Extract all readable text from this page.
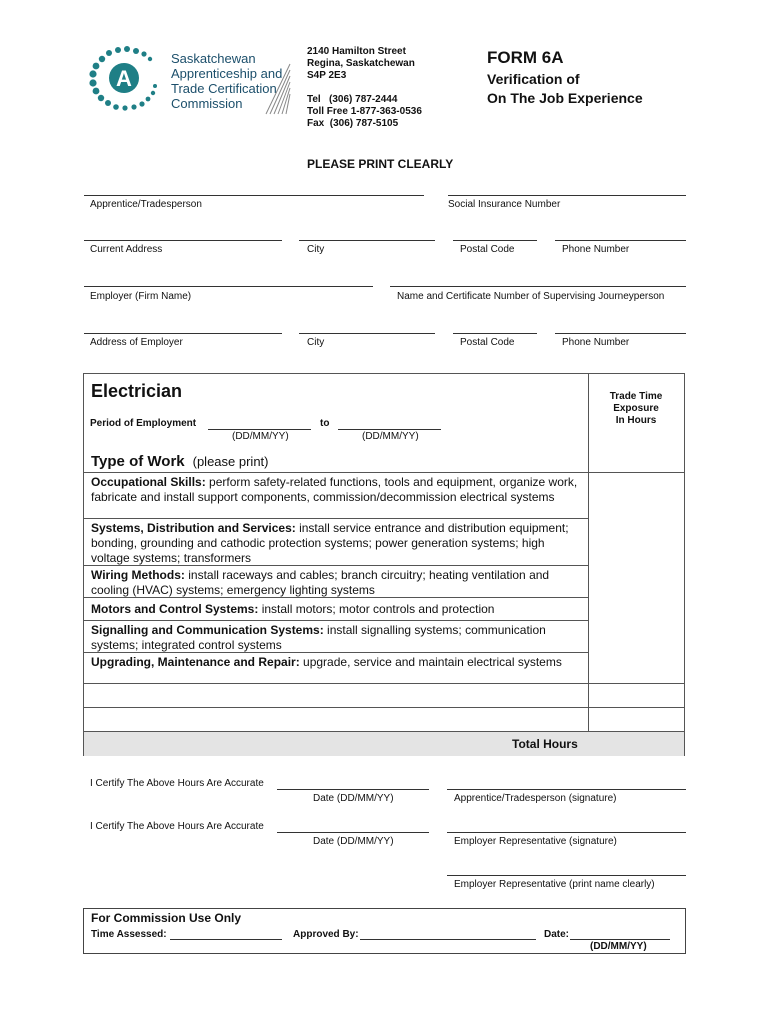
A
Saskatchewan
Apprenticeship and
Trade Certification
Commission
2140 Hamilton Street
Regina, Saskatchewan
S4P 2E3
Tel   (306) 787-2444
Toll Free 1-877-363-0536
Fax  (306) 787-5105
FORM 6A
Verification of
On The Job Experience
PLEASE PRINT CLEARLY
Apprentice/Tradesperson	Social Insurance Number
Current Address	City	Postal Code	Phone Number
Employer (Firm Name)	Name and Certificate Number of Supervising Journeyperson
Address of Employer	City	Postal Code	Phone Number
Electrician	Trade Time
Exposure
In Hours
Period of Employment	to
(DD/MM/YY)	(DD/MM/YY)
Type of Work (please print)
Occupational Skills: perform safety-related functions, tools and equipment, organize work, fabricate and install support components, commission/decommission electrical systems
Systems, Distribution and Services: install service entrance and distribution equipment; bonding, grounding and cathodic protection systems; power generation systems; high voltage systems; transformers
Wiring Methods: install raceways and cables; branch circuitry; heating ventilation and cooling (HVAC) systems; emergency lighting systems
Motors and Control Systems: install motors; motor controls and protection
Signalling and Communication Systems: install signalling systems; communication systems; integrated control systems
Upgrading, Maintenance and Repair: upgrade, service and maintain electrical systems
Total Hours
I Certify The Above Hours Are Accurate
Date (DD/MM/YY)	Apprentice/Tradesperson (signature)
I Certify The Above Hours Are Accurate
Date (DD/MM/YY)	Employer Representative (signature)
Employer Representative (print name clearly)
For Commission Use Only
Time Assessed:	Approved By:	Date:
(DD/MM/YY)
